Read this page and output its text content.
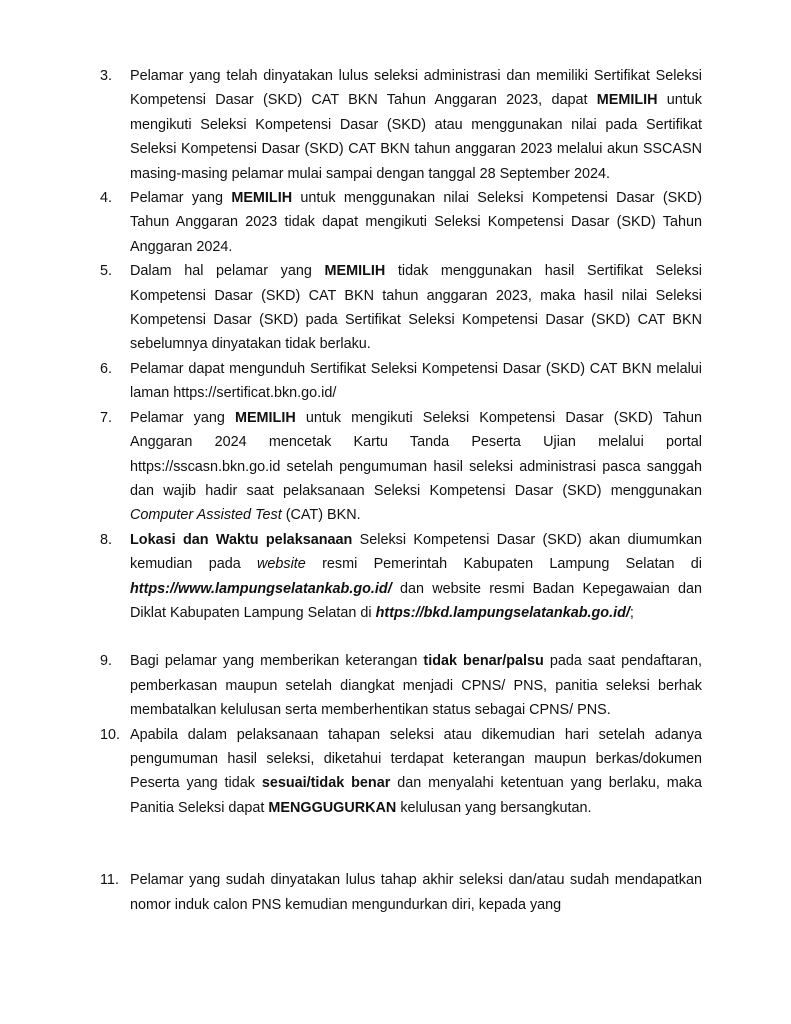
3.	Pelamar yang telah dinyatakan lulus seleksi administrasi dan memiliki Sertifikat Seleksi Kompetensi Dasar (SKD) CAT BKN Tahun Anggaran 2023, dapat MEMILIH untuk mengikuti Seleksi Kompetensi Dasar (SKD) atau menggunakan nilai pada Sertifikat Seleksi Kompetensi Dasar (SKD) CAT BKN tahun anggaran 2023 melalui akun SSCASN masing-masing pelamar mulai sampai dengan tanggal 28 September 2024.
4.	Pelamar yang MEMILIH untuk menggunakan nilai Seleksi Kompetensi Dasar (SKD) Tahun Anggaran 2023 tidak dapat mengikuti Seleksi Kompetensi Dasar (SKD) Tahun Anggaran 2024.
5.	Dalam hal pelamar yang MEMILIH tidak menggunakan hasil Sertifikat Seleksi Kompetensi Dasar (SKD) CAT BKN tahun anggaran 2023, maka hasil nilai Seleksi Kompetensi Dasar (SKD) pada Sertifikat Seleksi Kompetensi Dasar (SKD) CAT BKN sebelumnya dinyatakan tidak berlaku.
6.	Pelamar dapat mengunduh Sertifikat Seleksi Kompetensi Dasar (SKD) CAT BKN melalui laman https://sertificat.bkn.go.id/
7.	Pelamar yang MEMILIH untuk mengikuti Seleksi Kompetensi Dasar (SKD) Tahun Anggaran 2024 mencetak Kartu Tanda Peserta Ujian melalui portal https://sscasn.bkn.go.id setelah pengumuman hasil seleksi administrasi pasca sanggah dan wajib hadir saat pelaksanaan Seleksi Kompetensi Dasar (SKD) menggunakan Computer Assisted Test (CAT) BKN.
8.	Lokasi dan Waktu pelaksanaan Seleksi Kompetensi Dasar (SKD) akan diumumkan kemudian pada website resmi Pemerintah Kabupaten Lampung Selatan di https://www.lampungselatankab.go.id/ dan website resmi Badan Kepegawaian dan Diklat Kabupaten Lampung Selatan di https://bkd.lampungselatankab.go.id/;
9.	Bagi pelamar yang memberikan keterangan tidak benar/palsu pada saat pendaftaran, pemberkasan maupun setelah diangkat menjadi CPNS/ PNS, panitia seleksi berhak membatalkan kelulusan serta memberhentikan status sebagai CPNS/ PNS.
10. Apabila dalam pelaksanaan tahapan seleksi atau dikemudian hari setelah adanya pengumuman hasil seleksi, diketahui terdapat keterangan maupun berkas/dokumen Peserta yang tidak sesuai/tidak benar dan menyalahi ketentuan yang berlaku, maka Panitia Seleksi dapat MENGGUGURKAN kelulusan yang bersangkutan.
11. Pelamar yang sudah dinyatakan lulus tahap akhir seleksi dan/atau sudah mendapatkan nomor induk calon PNS kemudian mengundurkan diri, kepada yang
